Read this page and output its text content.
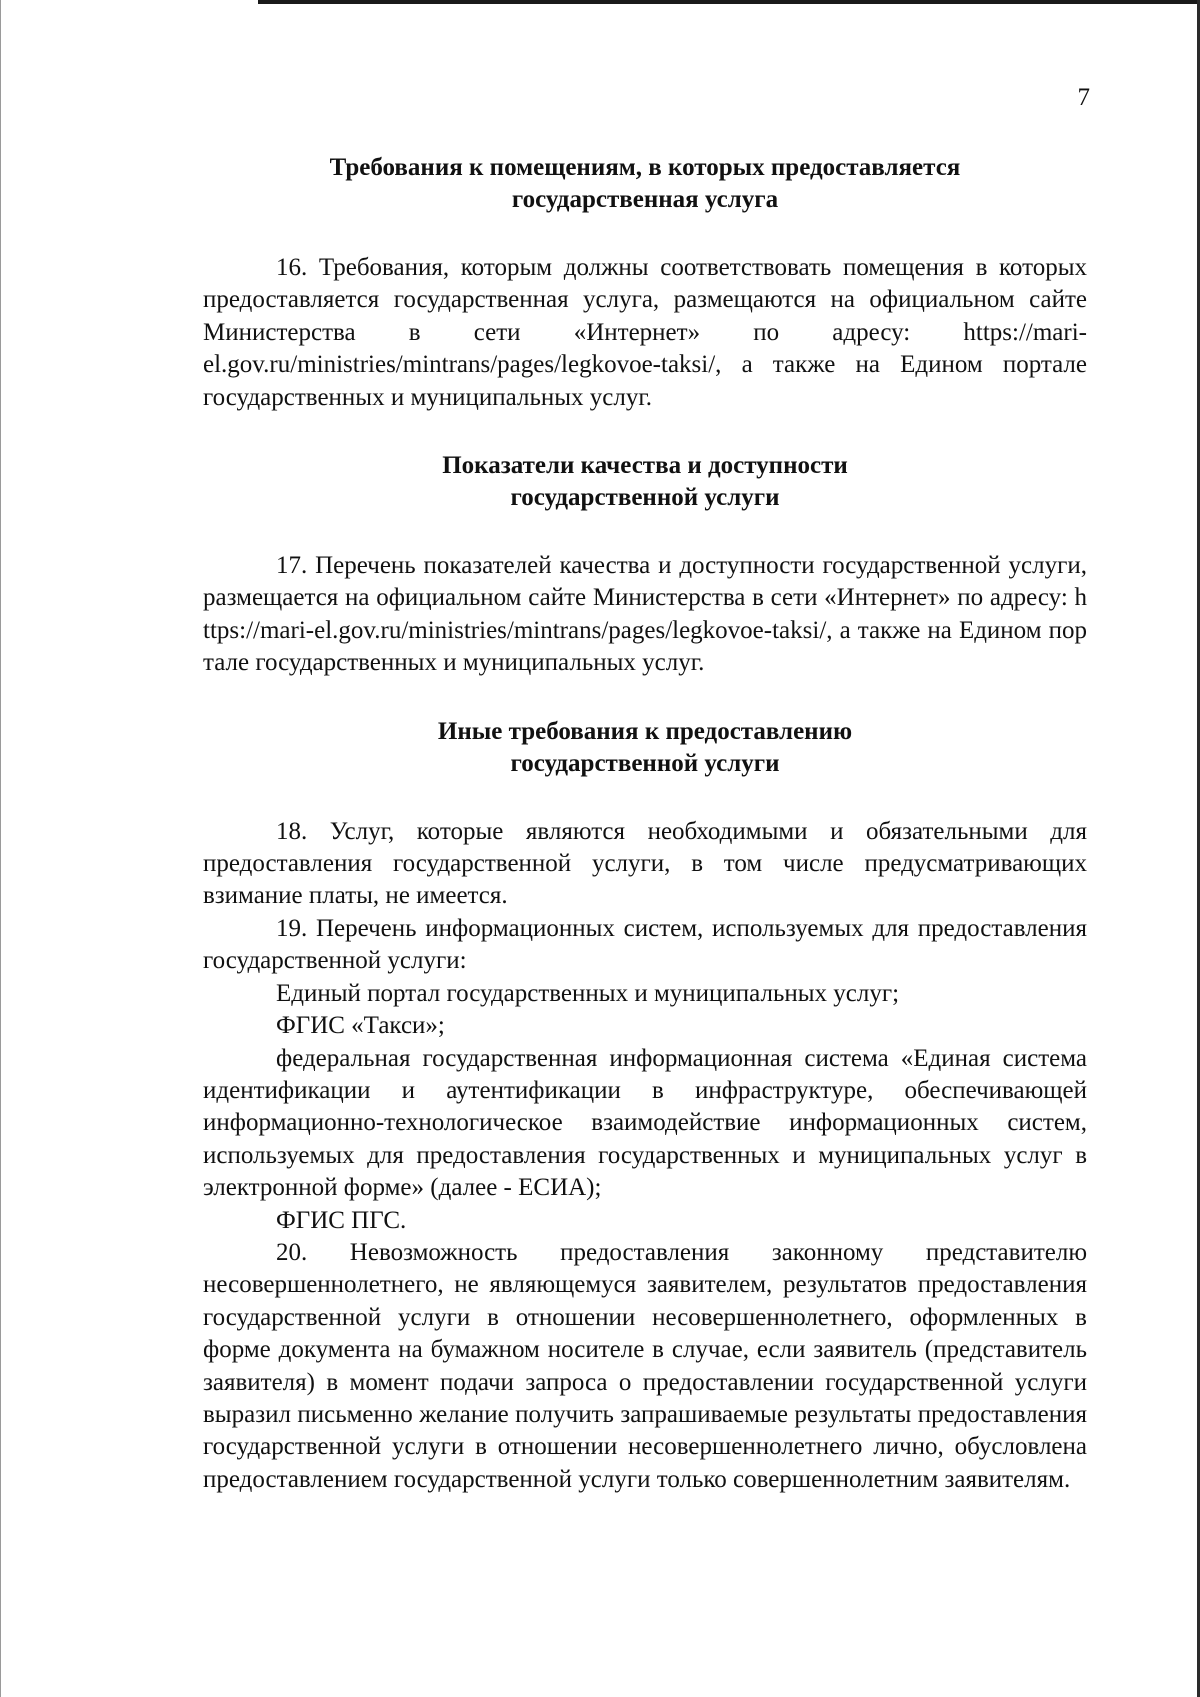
7
Требования к помещениям, в которых предоставляется
государственная услуга

16. Требования, которым должны соответствовать помещения в которых предоставляется государственная услуга, размещаются на официальном сайте Министерства в сети «Интернет» по адресу: https://mari-el.gov.ru/ministries/mintrans/pages/legkovoe-taksi/, а также на Едином портале государственных и муниципальных услуг.

Показатели качества и доступности
государственной услуги

17. Перечень показателей качества и доступности государственной услуги, размещается на официальном сайте Министерства в сети «Интернет» по адресу: https://mari-el.gov.ru/ministries/mintrans/pages/legkovoe-taksi/, а также на Едином портале государственных и муниципальных услуг.

Иные требования к предоставлению
государственной услуги

18. Услуг, которые являются необходимыми и обязательными для предоставления государственной услуги, в том числе предусматривающих взимание платы, не имеется.

19. Перечень информационных систем, используемых для предоставления государственной услуги:

Единый портал государственных и муниципальных услуг;

ФГИС «Такси»;

федеральная государственная информационная система «Единая система идентификации и аутентификации в инфраструктуре, обеспечивающей информационно-технологическое взаимодействие информационных систем, используемых для предоставления государственных и муниципальных услуг в электронной форме» (далее - ЕСИА);

ФГИС ПГС.

20. Невозможность предоставления законному представителю несовершеннолетнего, не являющемуся заявителем, результатов предоставления государственной услуги в отношении несовершеннолетнего, оформленных в форме документа на бумажном носителе в случае, если заявитель (представитель заявителя) в момент подачи запроса о предоставлении государственной услуги выразил письменно желание получить запрашиваемые результаты предоставления государственной услуги в отношении несовершеннолетнего лично, обусловлена предоставлением государственной услуги только совершеннолетним заявителям.
